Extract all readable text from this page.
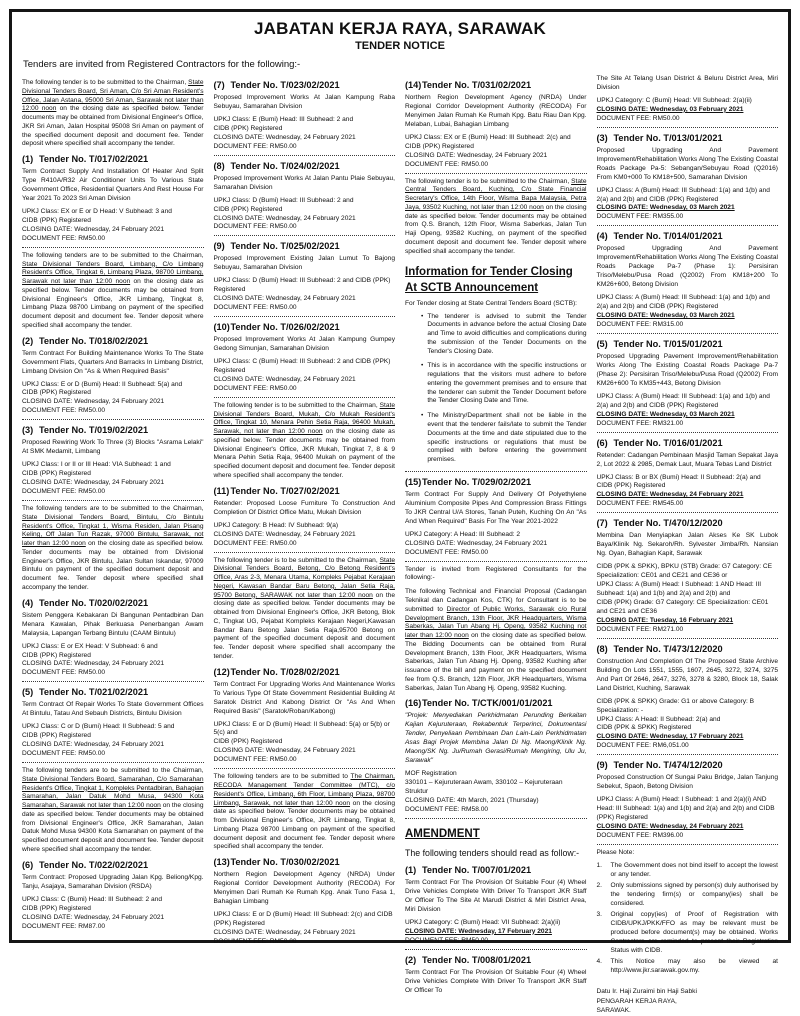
JABATAN KERJA RAYA, SARAWAK
TENDER NOTICE
Tenders are invited from Registered Contractors for the following:-

The following tender is to be submitted to the Chairman, State Divisional Tenders Board, Sri Aman, C/o Sri Aman Resident's Office, Jalan Astana, 95000 Sri Aman, Sarawak not later than 12:00 noon on the closing date as specified below. Tender documents may be obtained from Divisional Engineer's Office, JKR Sri Aman, Jalan Hospital 95008 Sri Aman on payment of the specified document deposit and document fee. Tender deposit where specified shall accompany the tender.

(1) Tender No. T/017/02/2021

Term Contract Supply And Installation Of Heater And Split Type R410A/R32 Air Conditioner Units To Various State Government Office, Residential Quarters And Rest House For Year 2021 To 2023 Sri Aman Division

UPKJ Class: EX or E or D Head: V Subhead: 3 and
CIDB (PPK) Registered

CLOSING DATE: Wednesday, 24 February 2021
DOCUMENT FEE: RM50.00

The following tenders are to be submitted to the Chairman, State Divisional Tenders Board, Limbang, C/o Limbang Resident's Office, Tingkat 6, Limbang Plaza, 98700 Limbang, Sarawak not later than 12:00 noon on the closing date as specified below. Tender documents may be obtained from Divisional Engineer's Office, JKR Limbang, Tingkat 8, Limbang Plaza 98700 Limbang on payment of the specified document deposit and document fee. Tender deposit where specified shall accompany the tender.

(2) Tender No. T/018/02/2021

Term Contract For Building Maintenance Works To The State Government Flats, Quarters And Barracks In Limbang District, Limbang Division On "As & When Required Basis"

UPKJ Class: E or D (Bumi) Head: II Subhead: 5(a) and
CIDB (PPK) Registered

CLOSING DATE: Wednesday, 24 February 2021
DOCUMENT FEE: RM50.00
(3) Tender No. T/019/02/2021

Proposed Rewiring Work To Three (3) Blocks "Asrama Lelaki" At SMK Medamit, Limbang

UPKJ Class: I or II or III Head: VIA Subhead: 1 and
CIDB (PPK) Registered

CLOSING DATE: Wednesday, 24 February 2021
DOCUMENT FEE: RM50.00

The following tenders are to be submitted to the Chairman, State Divisional Tenders Board, Bintulu, C/o Bintulu Resident's Office, Tingkat 1, Wisma Residen, Jalan Pisang Keling, Off Jalan Tun Razak, 97000 Bintulu, Sarawak, not later than 12:00 noon on the closing date as specified below. Tender documents may be obtained from Divisional Engineer's Office, JKR Bintulu, Jalan Sultan Iskandar, 97009 Bintulu on payment of the specified document deposit and document fee. Tender deposit where specified shall accompany the tender.

(4) Tender No. T/020/02/2021

Sistem Penggera Kebakaran Di Bangunan Pentadbiran Dan Menara Kawalan, Pihak Berkuasa Penerbangan Awam Malaysia, Lapangan Terbang Bintulu (CAAM Bintulu)

UPKJ Class: E or EX Head: V Subhead: 6 and
CIDB (PPK) Registered

CLOSING DATE: Wednesday, 24 February 2021
DOCUMENT FEE: RM50.00
(5) Tender No. T/021/02/2021

Term Contract Of Repair Works To State Government Offices At Bintulu, Tatau And Sebauh Districts, Bintulu Division

UPKJ Class: C or D (Bumi) Head: II Subhead: 5 and
CIDB (PPK) Registered

CLOSING DATE: Wednesday, 24 February 2021
DOCUMENT FEE: RM50.00

The following tenders are to be submitted to the Chairman, State Divisional Tenders Board, Samarahan, C/o Samarahan Resident's Office, Tingkat 1, Kompleks Pentadbiran, Bahagian Samarahan, Jalan Datuk Mohd Musa, 94300 Kota Samarahan, Sarawak not later than 12:00 noon on the closing date as specified below. Tender documents may be obtained from Divisional Engineer's Office, JKR Samarahan, Jalan Datuk Mohd Musa 94300 Kota Samarahan on payment of the specified document deposit and document fee. Tender deposit where specified shall accompany the tender.

(6) Tender No. T/022/02/2021

Term Contract: Proposed Upgrading Jalan Kpg. Beliong/Kpg. Tanju, Asajaya, Samarahan Division (RSDA)

UPKJ Class: C (Bumi) Head: III Subhead: 2 and
CIDB (PPK) Registered

CLOSING DATE: Wednesday, 24 February 2021
DOCUMENT FEE: RM87.00
(7) Tender No. T/023/02/2021

Proposed Improvement Works At Jalan Kampung Raba Sebuyau, Samarahan Division

UPKJ Class: E (Bumi) Head: III Subhead: 2 and
CIDB (PPK) Registered

CLOSING DATE: Wednesday, 24 February 2021
DOCUMENT FEE: RM50.00
(8) Tender No. T/024/02/2021

Proposed Improvement Works At Jalan Pantu Plaie Sebuyau, Samarahan Division

UPKJ Class: D (Bumi) Head: III Subhead: 2 and
CIDB (PPK) Registered

CLOSING DATE: Wednesday, 24 February 2021
DOCUMENT FEE: RM50.00
(9) Tender No. T/025/02/2021

Proposed Improvement Existing Jalan Lumut To Bajong Sebuyau, Samarahan Division

UPKJ Class: D (Bumi) Head: III Subhead: 2 and CIDB (PPK) Registered

CLOSING DATE: Wednesday, 24 February 2021
DOCUMENT FEE: RM50.00
(10)Tender No. T/026/02/2021

Proposed Improvement Works At Jalan Kampung Gumpey Gedong Simunjan, Samarahan Division

UPKJ Class: C (Bumi) Head: III Subhead: 2 and CIDB (PPK) Registered

CLOSING DATE: Wednesday, 24 February 2021
DOCUMENT FEE: RM50.00

The following tender is to be submitted to the Chairman, State Divisional Tenders Board, Mukah, C/o Mukah Resident's Office, Tingkat 10, Menara Pehin Setia Raja, 96400 Mukah, Sarawak, not later than 12:00 noon on the closing date as specified below. Tender documents may be obtained from Divisional Engineer's Office, JKR Mukah, Tingkat 7, 8 & 9 Menara Pehin Setia Raja, 96400 Mukah on payment of the specified document deposit and document fee. Tender deposit where specified shall accompany the tender.

(11)Tender No. T/027/02/2021

Retender: Proposed Loose Furniture To Construction And Completion Of District Office Matu, Mukah Division

UPKJ Category: B Head: IV Subhead: 9(a)

CLOSING DATE: Wednesday, 24 February 2021
DOCUMENT FEE: RM50.00

The following tender is to be submitted to the Chairman, State Divisional Tenders Board, Betong, C/o Betong Resident's Office, Aras 2-3, Menara Utama, Kompleks Pejabat Kerajaan Negeri, Kawasan Bandar Baru Betong, Jalan Setia Raja, 95700 Betong, SARAWAK not later than 12:00 noon on the closing date as specified below. Tender documents may be obtained from Divisional Engineer's Office, JKR Betong, Blok C, Tingkat UG, Pejabat Kompleks Kerajaan Negeri,Kawasan Bandar Baru Betong Jalan Setia Raja,95700 Betong on payment of the specified document deposit and document fee. Tender deposit where specified shall accompany the tender.

(12)Tender No. T/028/02/2021

Term Contract For Upgrading Works And Maintenance Works To Various Type Of State Government Residential Building At Saratok District And Kabong District Or "As And When Required Basis" (Saratok/Roban/Kabong)

UPKJ Class: E or D (Bumi) Head: II Subhead: 5(a) or 5(b) or 5(c) and
CIDB (PPK) Registered

CLOSING DATE: Wednesday, 24 February 2021
DOCUMENT FEE: RM50.00

The following tenders are to be submitted to The Chairman, RECODA Management Tender Committee (MTC), c/o Resident's Office, Limbang, 6th Floor, Limbang Plaza, 98700 Limbang, Sarawak, not later than 12:00 noon on the closing date as specified below. Tender documents may be obtained from Divisional Engineer's Office, JKR Limbang, Tingkat 8, Limbang Plaza 98700 Limbang on payment of the specified document deposit and document fee. Tender deposit where specified shall accompany the tender.

(13)Tender No. T/030/02/2021

Northern Region Development Agency (NRDA) Under Regional Corridor Development Authority (RECODA) For Menyimen Dari Rumah Ke Rumah Kpg. Anak Tuno Fasa 1, Bahagian Limbang

UPKJ Class: E or D (Bumi) Head: III Subhead: 2(c) and CIDB (PPK) Registered

CLOSING DATE: Wednesday, 24 February 2021
DOCUMENT FEE: RM50.00
(14)Tender No. T/031/02/2021

Northern Region Development Agency (NRDA) Under Regional Corridor Development Authority (RECODA) For Menyimen Jalan Rumah Ke Rumah Kpg. Batu Riau Dan Kpg. Melaban, Lubai, Bahagian Limbang

UPKJ Class: EX or E (Bumi) Head: III Subhead: 2(c) and CIDB (PPK) Registered

CLOSING DATE: Wednesday, 24 February 2021
DOCUMENT FEE: RM50.00

The following tender is to be submitted to the Chairman, State Central Tenders Board, Kuching, C/o State Financial Secretary's Office, 14th Floor, Wisma Bapa Malaysia, Petra Jaya, 93502 Kuching, not later than 12:00 noon on the closing date as specified below. Tender documents may be obtained from Q.S. Branch, 12th Floor, Wisma Saberkas, Jalan Tun Haji Openg, 93582 Kuching, on payment of the specified document deposit and document fee. Tender deposit where specified shall accompany the tender.

Information for Tender Closing At SCTB Announcement

For Tender closing at State Central Tenders Board (SCTB):

• The tenderer is advised to submit the Tender Documents in advance before the actual Closing Date and Time to avoid difficulties and complications during the submission of the Tender Documents on the Tender's Closing Date.
• This is in accordance with the specific instructions or regulations that the visitors must adhere to before entering the government premises and to ensure that the tenderer can submit the Tender Document before the Tender Closing Date and Time.
• The Ministry/Department shall not be liable in the event that the tenderer fails/late to submit the Tender Documents at the time and date stipulated due to the specific instructions or regulations that must be complied with before entering the government premises.
(15)Tender No. T/029/02/2021

Term Contract For Supply And Delivery Of Polyethylene Aluminium Composite Pipes And Compression Brass Fittings To JKR Central U/A Stores, Tanah Puteh, Kuching On An "As And When Required" Basis For The Year 2021-2022

UPKJ Category: A Head: III Subhead: 2

CLOSING DATE: Wednesday, 24 February 2021
DOCUMENT FEE: RM50.00

Tender is invited from Registered Consultants for the following:-

The following Technical and Financial Proposal (Cadangan Teknikal dan Cadangan Kos, CTK) for Consultant is to be submitted to Director of Public Works, Sarawak c/o Rural Development Branch, 13th Floor, JKR Headquarters, Wisma Saberkas, Jalan Tun Abang Hj. Openg, 93582 Kuching not later than 12:00 noon on the closing date as specified below. The Bidding Documents can be obtained from Rural Development Branch, 13th Floor, JKR Headquarters, Wisma Saberkas, Jalan Tun Abang Hj. Openg, 93582 Kuching after issuance of the bill and payment on the specified document fee from Q.S. Branch, 12th Floor, JKR Headquarters, Wisma Saberkas, Jalan Tun Abang Hj. Openg, 93582 Kuching.

(16)Tender No. T/CTK/001/01/2021

"Projek: Menyediakan Perkhidmatan Perunding Berkaitan Kajian Kejuruteraan, Rekabentuk Terperinci, Dokumentasi Tender, Penyeliaan Pembinaan Dan Lain-Lain Perkhidmatan Asas Bagi Projek Membina Jalan Di Ng. Maong/Klinik Ng. Maong/SK Ng. Ju/Rumah Gerasi/Rumah Mengiring, Ulu Ju, Sarawak"

MOF Registration
330101 – Kejuruteraan Awam, 330102 – Kejuruteraan Struktur

CLOSING DATE: 4th March, 2021 (Thursday)
DOCUMENT FEE: RM58.00
AMENDMENT

The following tenders should read as follow:-

(1) Tender No. T/007/01/2021

Term Contract For The Provision Of Suitable Four (4) Wheel Drive Vehicles Complete With Driver To Transport JKR Staff Or Officer To The Site At Marudi District & Miri District Area, Miri Division

UPKJ Category: C (Bumi) Head: VII Subhead: 2(a)(ii)

CLOSING DATE: Wednesday, 17 February 2021
DOCUMENT FEE: RM50.00
(2) Tender No. T/008/01/2021

Term Contract For The Provision Of Suitable Four (4) Wheel Drive Vehicles Complete With Driver To Transport JKR Staff Or Officer To

The Site At Telang Usan District & Beluru District Area, Miri Division

UPKJ Category: C (Bumi) Head: VII Subhead: 2(a)(ii)

CLOSING DATE: Wednesday, 03 February 2021
DOCUMENT FEE: RM50.00
(3) Tender No. T/013/01/2021

Proposed Upgrading And Pavement Improvement/Rehabilitation Works Along The Existing Coastal Roads Package Pa-5: Sebangan/Sebuyau Road (Q2016) From KM0+000 To KM18+500, Samarahan Division

UPKJ Class: A (Bumi) Head: III Subhead: 1(a) and 1(b) and 2(a) and 2(b) and CIDB (PPK) Registered

CLOSING DATE: Wednesday, 03 March 2021
DOCUMENT FEE: RM355.00
(4) Tender No. T/014/01/2021

Proposed Upgrading And Pavement Improvement/Rehabilitation Works Along The Existing Coastal Roads Package Pa-7 (Phase 1): Persisiran Triso/Melebu/Pusa Road (Q2002) From KM18+200 To KM26+600, Betong Division

UPKJ Class: A (Bumi) Head: III Subhead: 1(a) and 1(b) and 2(a) and 2(b) and CIDB (PPK) Registered

CLOSING DATE: Wednesday, 03 March 2021
DOCUMENT FEE: RM315.00
(5) Tender No. T/015/01/2021

Proposed Upgrading Pavement Improvement/Rehabilitation Works Along The Existing Coastal Roads Package Pa-7 (Phase 2): Persisiran Triso/Melebu/Pusa Road (Q2002) From KM26+600 To KM35+443, Betong Division

UPKJ Class: A (Bumi) Head: III Subhead: 1(a) and 1(b) and 2(a) and 2(b) and CIDB (PPK) Registered

CLOSING DATE: Wednesday, 03 March 2021
DOCUMENT FEE: RM321.00
(6) Tender No. T/016/01/2021

Retender: Cadangan Pembinaan Masjid Taman Sepakat Jaya 2, Lot 2022 & 2985, Demak Laut, Muara Tebas Land District

UPKJ Class: B or BX (Bumi) Head: II Subhead: 2(a) and
CIDB (PPK) Registered

CLOSING DATE: Wednesday, 24 February 2021
DOCUMENT FEE: RM545.00
(7) Tender No. T/470/12/2020

Membina Dan Menyiapkan Jalan Akses Ke SK Lubok Baya/Klinik Ng. Sekaroh/Rh. Sylvester Jimba/Rh. Nansian Ng. Oyan, Bahagian Kapit, Sarawak

CIDB (PPK & SPKK), BPKU (STB) Grade: G7 Category: CE Specialization: CE01 and CE21 and CE36 or
UPKJ Class: A (Bumi) Head: I Subhead: 1 AND Head: III Subhead: 1(a) and 1(b) and 2(a) and 2(b) and
CIDB (PPK) Grade: G7 Category: CE Specialization: CE01 and CE21 and CE36

CLOSING DATE: Tuesday, 16 February 2021
DOCUMENT FEE: RM271.00
(8) Tender No. T/473/12/2020

Construction And Completion Of The Proposed State Archive Building On Lots 1551, 1555, 1607, 2645, 3272, 3274, 3275 And Part Of 2646, 2647, 3276, 3278 & 3280, Block 18, Salak Land District, Kuching, Sarawak

CIDB (PPK & SPKK) Grade: G1 or above Category: B Specialization: -
UPKJ Class: A Head: II Subhead: 2(a) and
CIDB (PPK & SPKK) Registered

CLOSING DATE: Wednesday, 17 February 2021
DOCUMENT FEE: RM6,051.00
(9) Tender No. T/474/12/2020

Proposed Construction Of Sungai Paku Bridge, Jalan Tanjung Sebekut, Spaoh, Betong Division

UPKJ Class: A (Bumi) Head: I Subhead: 1 and 2(a)(i) AND Head: III Subhead: 1(a) and 1(b) and 2(a) and 2(b) and CIDB (PPK) Registered

CLOSING DATE: Wednesday, 24 February 2021
DOCUMENT FEE: RM396.00

Please Note:

1.	The Government does not bind itself to accept the lowest or any tender.
2.	Only submissions signed by person(s) duly authorised by the tendering firm(s) or company(ies) shall be considered.
3.	Original copy(ies) of Proof of Registration with CIDB/UPKJ/PKK/FFO as may be relevant must be produced before document(s) may be obtained. Works Contractors are reminded to present their Registration Status with CIDB.
4.	This Notice may also be viewed at http://www.jkr.sarawak.gov.my.
Datu Ir. Haji Zuraimi bin Haji Sabki
PENGARAH KERJA RAYA,
SARAWAK.
